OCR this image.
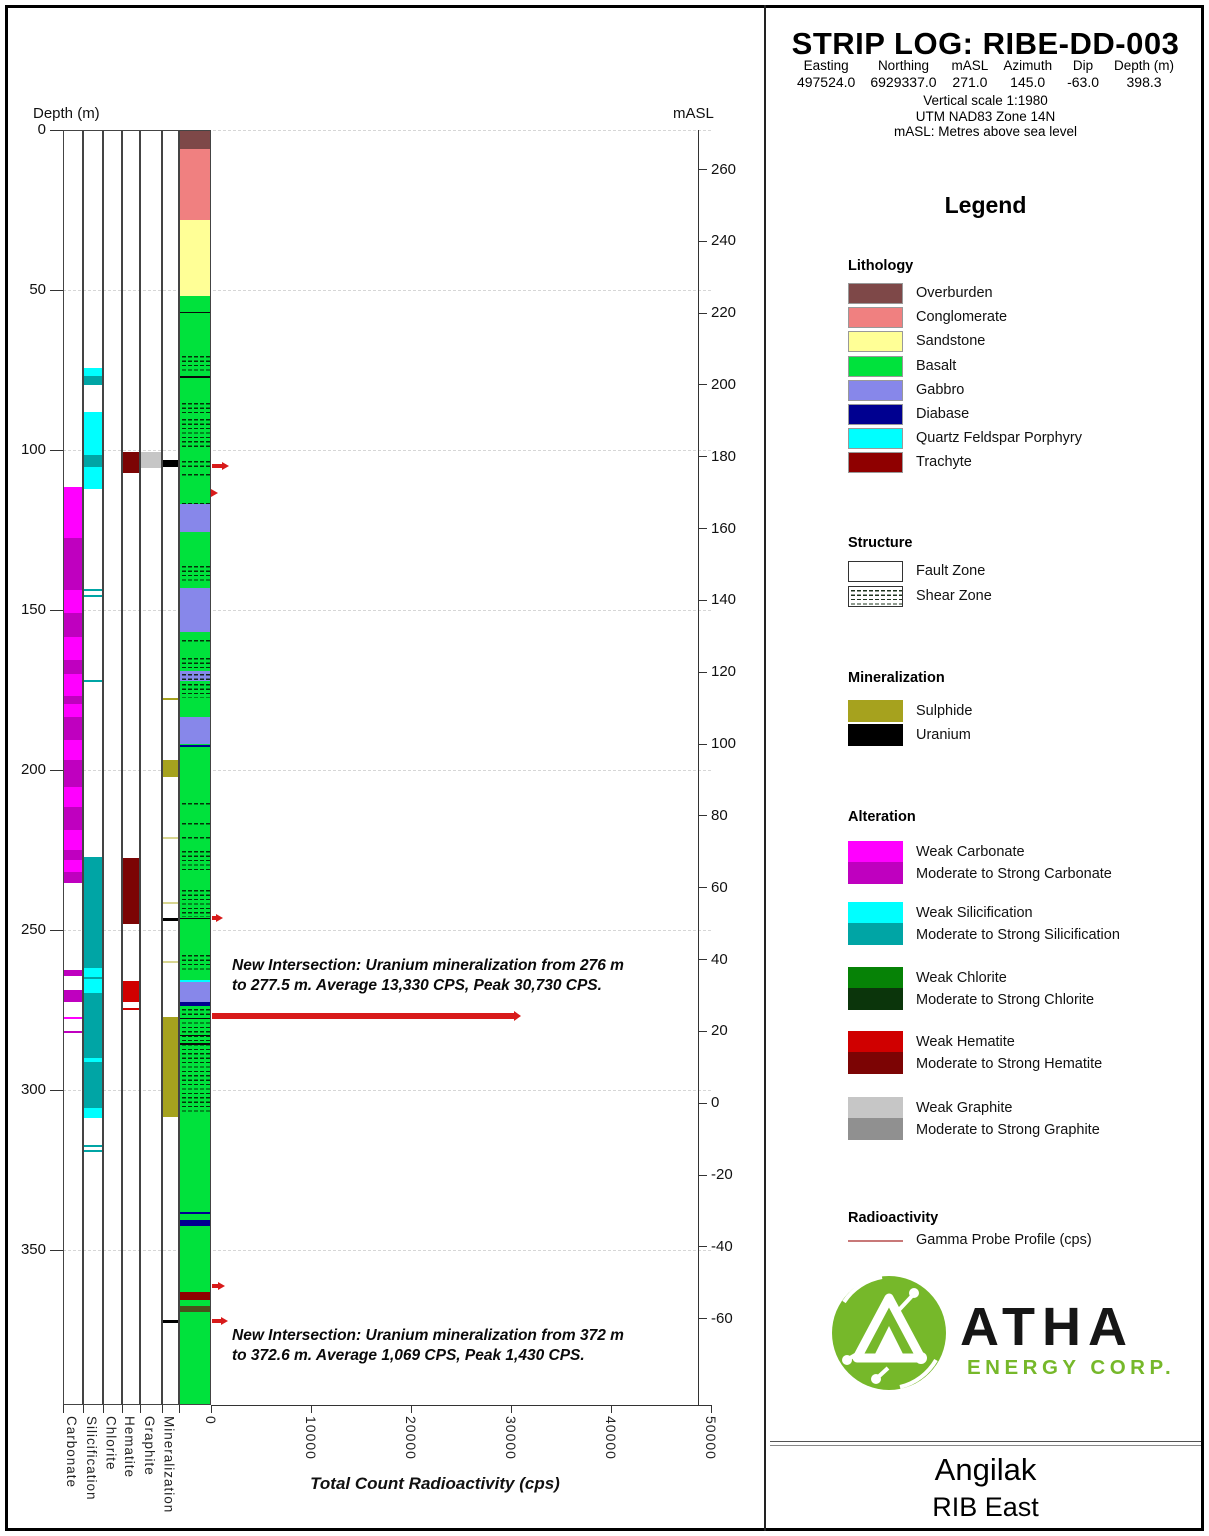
Depth (m)	mASL
Total Count Radioactivity (cps)
0
50
100
150
200
250
300
350
260
240
220
200
180
160
140
120
100
80
60
40
20
0
-20
-40
-60
Carbonate Silicification Chlorite Hematite Graphite Mineralization 0	10000	20000	30000	40000	50000
New Intersection: Uranium mineralization from 276 m
to 277.5 m. Average 13,330 CPS, Peak 30,730 CPS.
New Intersection: Uranium mineralization from 372 m
to 372.6 m. Average 1,069 CPS, Peak 1,430 CPS.
STRIP LOG: RIBE-DD-003
Easting
497524.0
Northing
6929337.0
mASL
271.0
Azimuth
145.0
Dip
-63.0
Depth (m)
398.3
Vertical scale 1:1980
UTM NAD83 Zone 14N
mASL: Metres above sea level
Legend
Lithology
Overburden
Conglomerate
Sandstone
Basalt
Gabbro
Diabase
Quartz Feldspar Porphyry
Trachyte
Structure
Fault Zone
Shear Zone
Mineralization
Sulphide
Uranium
Alteration
Weak Carbonate
Moderate to Strong Carbonate
Weak Silicification
Moderate to Strong Silicification
Weak Chlorite
Moderate to Strong Chlorite
Weak Hematite
Moderate to Strong Hematite
Weak Graphite
Moderate to Strong Graphite
Radioactivity
Gamma Probe Profile (cps)
ATHA
ENERGY CORP.
Angilak
RIB East
